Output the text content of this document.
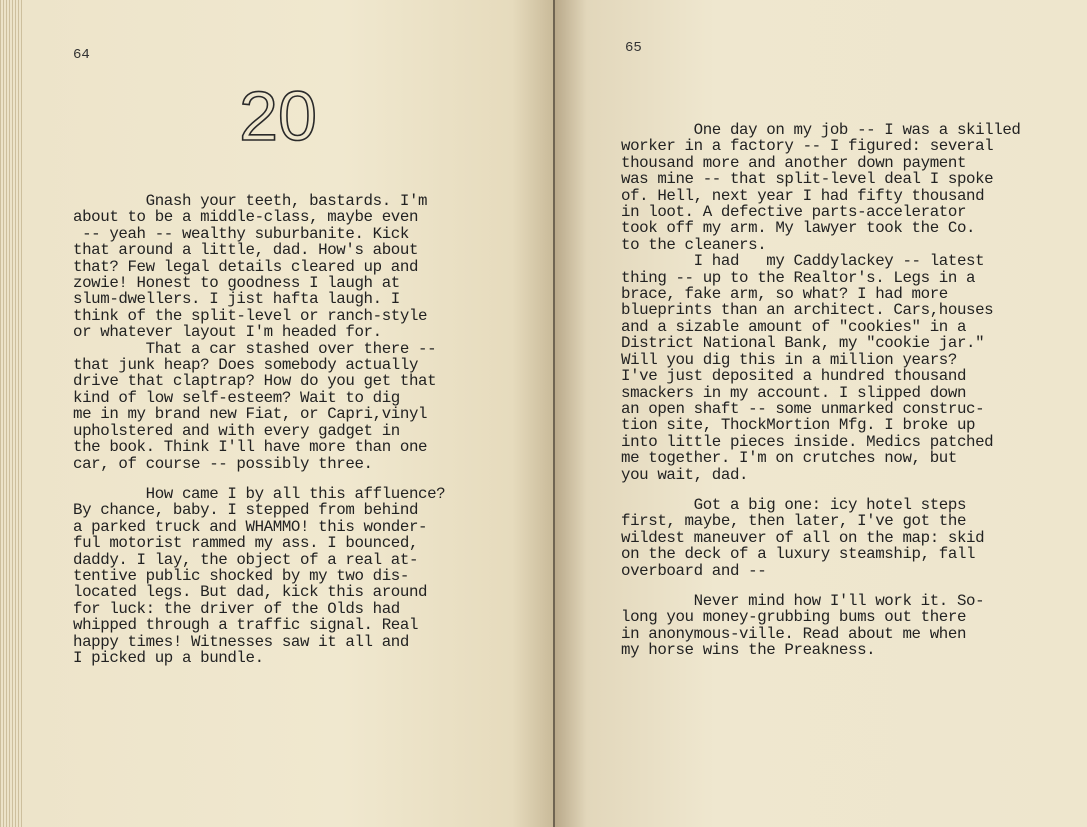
64
20

Gnash your teeth, bastards. I'm
about to be a middle-class, maybe even
-- yeah -- wealthy suburbanite. Kick
that around a little, dad. How's about
that? Few legal details cleared up and
zowie! Honest to goodness I laugh at
slum-dwellers. I jist hafta laugh. I
think of the split-level or ranch-style
or whatever layout I'm headed for.
That a car stashed over there --
that junk heap? Does somebody actually
drive that claptrap? How do you get that
kind of low self-esteem? Wait to dig
me in my brand new Fiat, or Capri,vinyl
upholstered and with every gadget in
the book. Think I'll have more than one
car, of course -- possibly three.

How came I by all this affluence?
By chance, baby. I stepped from behind
a parked truck and WHAMMO! this wonder-
ful motorist rammed my ass. I bounced,
daddy. I lay, the object of a real at-
tentive public shocked by my two dis-
located legs. But dad, kick this around
for luck: the driver of the Olds had
whipped through a traffic signal. Real
happy times! Witnesses saw it all and
I picked up a bundle.

65

One day on my job -- I was a skilled
worker in a factory -- I figured: several
thousand more and another down payment
was mine -- that split-level deal I spoke
of. Hell, next year I had fifty thousand
in loot. A defective parts-accelerator
took off my arm. My lawyer took the Co.
to the cleaners.
I had   my Caddylackey -- latest
thing -- up to the Realtor's. Legs in a
brace, fake arm, so what? I had more
blueprints than an architect. Cars,houses
and a sizable amount of "cookies" in a
District National Bank, my "cookie jar."
Will you dig this in a million years?
I've just deposited a hundred thousand
smackers in my account. I slipped down
an open shaft -- some unmarked construc-
tion site, ThockMortion Mfg. I broke up
into little pieces inside. Medics patched
me together. I'm on crutches now, but
you wait, dad.

Got a big one: icy hotel steps
first, maybe, then later, I've got the
wildest maneuver of all on the map: skid
on the deck of a luxury steamship, fall
overboard and --

Never mind how I'll work it. So-
long you money-grubbing bums out there
in anonymous-ville. Read about me when
my horse wins the Preakness.
